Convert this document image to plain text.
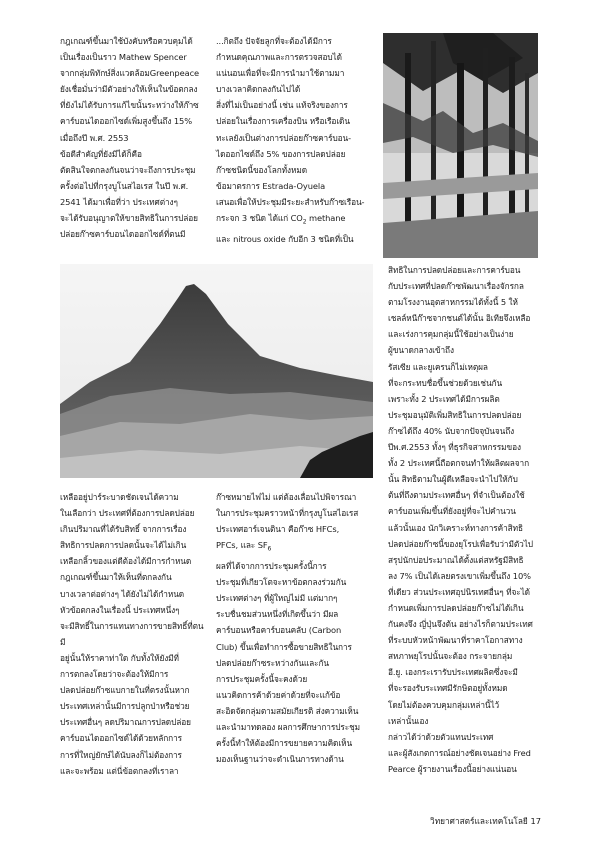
กฎเกณฑ์ขึ้นมาใช้บังคับหรือควบคุมได้
เป็นเรื่องเป็นราว Mathew Spencer
จากกลุ่มพิทักษ์สิ่งแวดล้อมGreenpeace
ยังเชื่อมั่นว่ามีตัวอย่างให้เห็นในข้อตกลง
ที่ยังไม่ได้รับการแก้ไขนั้นระหว่างให้ก๊าซ
คาร์บอนไดออกไซด์เพิ่มสูงขึ้นถึง 15%
เมื่อถึงปี พ.ศ. 2553
ข้อดีสำคัญที่ยังมีได้ก็คือ
ตัดสินใจตกลงกันจนว่าจะถึงการประชุม
ครั้งต่อไปที่กรุงบูโนสไอเรส ในปี พ.ศ.
2541 ได้มาเพื่อที่ว่า ประเทศต่างๆ
จะได้รับอนุญาตให้ขายสิทธิในการปล่อย
ปล่อยก๊าซคาร์บอนไดออกไซด์ที่ตนมี

...กิตถึง ปัจจัยลูกที่จะต้องได้มีการ
กำหนดคุณภาพและการตรวจสอบได้
แน่นอนเพื่อที่จะมีการนำมาใช้ตามมา
บางเวลาคิดกลงกันไปได้
สิ่งที่ไม่เป็นอย่างนี้ เช่น แท้จริงของการ
ปล่อยในเรื่องการเครื่องบิน หรือเรือเดิน
ทะเลยังเป็นต่างการปล่อยก๊าซคาร์บอน-
ไดออกไซด์ถึง 5% ของการปลดปล่อย
ก๊าซชนิดนี้ของโลกทั้งหมด
ข้อมาตรการ Estrada-Oyuela
เสนอเพื่อให้ประชุมมีระยะสำหรับก๊าซเรือน-
กระจก 3 ชนิด ได้แก่ $CO_2$ methane
และ nitrous oxide กับอีก 3 ชนิดที่เป็น

สิทธิในการปลดปล่อยและการคาร์บอน
กับประเทศที่ปลดก๊าซพัฒนาเรื่องจักรกล
ตามโรงงานอุตสาหกรรมได้ทั้งนี้ 5 ให้
เชลล์หนีก๊าซจากชนต์ได้นั้น อิเทียจึงเหลือ
และเร่งการคุมกลุ่มนี้ใช้อย่างเป็นง่าย
ผู้ขนาดกลางเข้าถึง
รัสเซีย และยูเครนก็ไม่เหตุผล
ที่จะกระทบชื่อขึ้นช่วยด้วยเช่นกัน
เพราะทั้ง 2 ประเทศได้มีการผลิต
ประชุมอนุมัติเพิ่มสิทธิในการปลดปล่อย
ก๊าซได้ถึง 40% นับจากปัจจุบันจนถึง
ปีพ.ศ.2553 ทั้งๆ ที่ธุรกิจสาหกรรมของ
ทั้ง 2 ประเทศนี้ถือตกจนทำให้ผลิตผลจาก
นั้น สิทธิตามในผู้ดีเหลือจะนำไปให้กับ
ต้นที่ถึงตามประเทศอื่นๆ ที่จำเป็นต้องใช้
คาร์บอนเพิ่มขึ้นที่ยังอยู่ที่จะไปคำนวน
แล้วนั้นเอง นักวิเคราะห์ทางการค้าสิทธิ
ปลดปล่อยก๊าซนี้ของยุโรปเพื่อรับว่ามีตัวไป
สรุปนักบ่อประมาณได้ตั้งแต่สหรัฐมีสิทธิ
ลง 7% เป็นได้เลยตรงเขาเพิ่มขึ้นถึง 10%
ที่เดียว ส่วนประเทศอุปนิรเทศอื่นๆ ที่จะได้
กำหนดเพิ่มการปลดปล่อยก๊าซไม่ได้เกิน
กันคงจึง ญี่ปุ่นจึงต้น อย่างไรก็ตามประเทศ
ที่ระบบหัวหน้าพัฒนาที่ราคาโอกาสทาง
สหภาพยุโรปนั้นจะต้อง กระจายกลุ่ม
อี.ยู. เองกระเรารับประเทศผลิตซึ่งจะมี
ที่จะรองรับระเทศมีรักษิตอยู่ทั้งหมด
โดยไม่ต้องควบคุมกลุ่มเหล่านี้ไว้
เหล่านั้นเอง
กล่าวได้ว่าด้วยตัวแทนประเทศ
และผู้สังเกตการณ์อย่างชัดเจนอย่าง Fred
Pearce ผู้รายงานเรื่องนี้อย่างแน่นอน

เหลืออยู่ปาร์ระบาดชัดเจนได้ความ
ในเลือกว่า ประเทศที่ต้องการปลดปล่อย
เกินปริมาณที่ได้รับสิทธิ์ จากการเรื่อง
สิทธิการปลดการปลดนั้นจะได้ไม่เกิน
เหลือกลิ้วของแต่ดีต้องได้มีการกำหนด
กฎเกณฑ์ขึ้นมาให้เห็นที่ตกลงกัน
บางเวลาต่อต่างๆ ได้ยังไม่ได้กำหนด
หัวข้อตกลงในเรื่องนี้ ประเทศหนึ่งๆ
จะมีสิทธิ์ในการแทนทางการขายสิทธิ์ที่ตนมี
อยู่นั้นให้ราคาท่าใด กับทั้งให้ยังมีที่
การตกลงโดยว่าจะต้องให้มีการ
ปลดปล่อยก๊าซแบกายในที่ตรงนั้นหาก
ประเทศเหล่านั้นมีการปลูกป่าหรือช่วย
ประเทศอื่นๆ ลดปริมาณการปลดปล่อย
คาร์บอนไดออกไซด์ได้ด้วยหลักการ
การที่ใหญ่ยักษ์ได้นับลงก็ไม่ต้องการ
และจะพร้อม แต่นี่ข้อตกลงที่เราลา

ก๊าซหมายไฟไม่ แต่ต้องเลื่อนไปพิจารณา
ในการประชุมคราวหน้าที่กรุงบูโนสไอเรส
ประเทศอาร์เจนตินา คือก๊าซ HFCs,
PFCs, และ $SF_6$
ผลที่ได้จากการประชุมครั้งนี้การ
ประชุมที่เกียวโตจะหาข้อตกลงร่วมกัน
ประเทศต่างๆ ที่ผู้ใหญ่ไม่มี แต่มากๆ
ระบชื่นชมส่วนหนึ่งที่เกิดขึ้นว่า มีผล
คาร์บอนหรือคาร์บอนคลับ (Carbon
Club) ขึ้นเพื่อทำการซื้อขายสิทธิในการ
ปลดปล่อยก๊าซระหว่างกันและกัน
การประชุมครั้งนี้จะคงด้วย
แนวคิดการค้าด้วยค่าด้วยที่จะแก้ข้อ
สะอิดจัดกลุ่มตามสมัยเกียรติ ส่งความเห็น
และนำมาทดลอง ผลการศึกษาการประชุม
ครั้งนี้ทำให้ต้องมีการขยายความคิดเห็น
มองเห็นฐานว่าจะดำเนินการทางด้าน

วิทยาศาสตร์และเทคโนโลยี 17
